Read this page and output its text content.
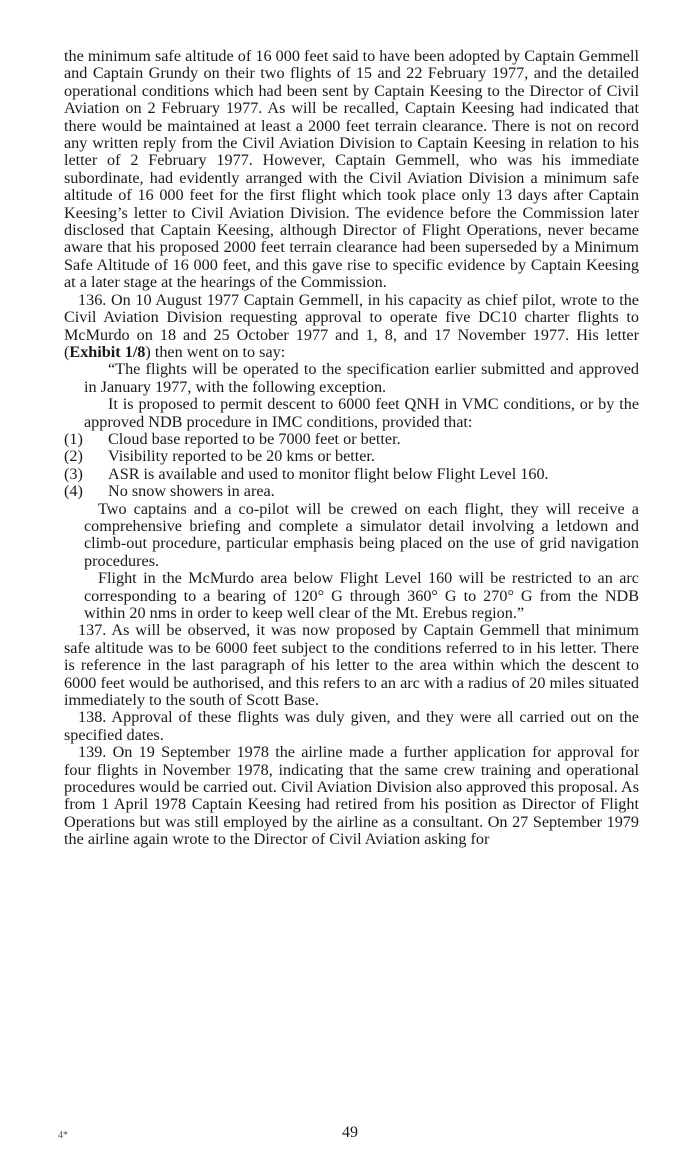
the minimum safe altitude of 16 000 feet said to have been adopted by Captain Gemmell and Captain Grundy on their two flights of 15 and 22 February 1977, and the detailed operational conditions which had been sent by Captain Keesing to the Director of Civil Aviation on 2 February 1977. As will be recalled, Captain Keesing had indicated that there would be maintained at least a 2000 feet terrain clearance. There is not on record any written reply from the Civil Aviation Division to Captain Keesing in relation to his letter of 2 February 1977. However, Captain Gemmell, who was his immediate subordinate, had evidently arranged with the Civil Aviation Division a minimum safe altitude of 16 000 feet for the first flight which took place only 13 days after Captain Keesing’s letter to Civil Aviation Division. The evidence before the Commission later disclosed that Captain Keesing, although Director of Flight Operations, never became aware that his proposed 2000 feet terrain clearance had been superseded by a Minimum Safe Altitude of 16 000 feet, and this gave rise to specific evidence by Captain Keesing at a later stage at the hearings of the Commission.

136. On 10 August 1977 Captain Gemmell, in his capacity as chief pilot, wrote to the Civil Aviation Division requesting approval to operate five DC10 charter flights to McMurdo on 18 and 25 October 1977 and 1, 8, and 17 November 1977. His letter (Exhibit 1/8) then went on to say:

“The flights will be operated to the specification earlier submitted and approved in January 1977, with the following exception.

It is proposed to permit descent to 6000 feet QNH in VMC conditions, or by the approved NDB procedure in IMC conditions, provided that:

(1)	Cloud base reported to be 7000 feet or better.
(2)	Visibility reported to be 20 kms or better.
(3)	ASR is available and used to monitor flight below Flight Level 160.
(4)	No snow showers in area.

Two captains and a co-pilot will be crewed on each flight, they will receive a comprehensive briefing and complete a simulator detail involving a letdown and climb-out procedure, particular emphasis being placed on the use of grid navigation procedures.

Flight in the McMurdo area below Flight Level 160 will be restricted to an arc corresponding to a bearing of 120° G through 360° G to 270° G from the NDB within 20 nms in order to keep well clear of the Mt. Erebus region.”

137. As will be observed, it was now proposed by Captain Gemmell that minimum safe altitude was to be 6000 feet subject to the conditions referred to in his letter. There is reference in the last paragraph of his letter to the area within which the descent to 6000 feet would be authorised, and this refers to an arc with a radius of 20 miles situated immediately to the south of Scott Base.

138. Approval of these flights was duly given, and they were all carried out on the specified dates.

139. On 19 September 1978 the airline made a further application for approval for four flights in November 1978, indicating that the same crew training and operational procedures would be carried out. Civil Aviation Division also approved this proposal. As from 1 April 1978 Captain Keesing had retired from his position as Director of Flight Operations but was still employed by the airline as a consultant. On 27 September 1979 the airline again wrote to the Director of Civil Aviation asking for

4*	49
